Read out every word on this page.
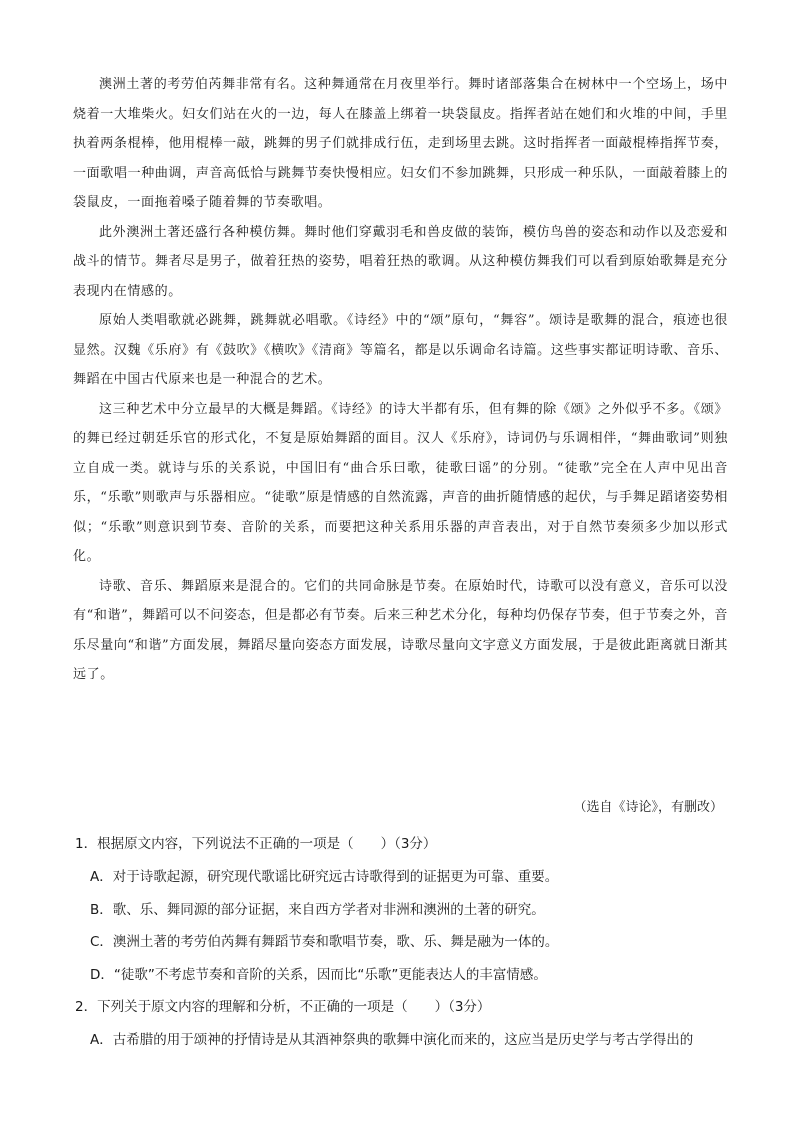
澳洲土著的考劳伯芮舞非常有名。这种舞通常在月夜里举行。舞时诸部落集合在树林中一个空场上，场中烧着一大堆柴火。妇女们站在火的一边，每人在膝盖上绑着一块袋鼠皮。指挥者站在她们和火堆的中间，手里执着两条棍棒，他用棍棒一敲，跳舞的男子们就排成行伍，走到场里去跳。这时指挥者一面敲棍棒指挥节奏，一面歌唱一种曲调，声音高低恰与跳舞节奏快慢相应。妇女们不参加跳舞，只形成一种乐队，一面敲着膝上的袋鼠皮，一面拖着嗓子随着舞的节奏歌唱。

此外澳洲土著还盛行各种模仿舞。舞时他们穿戴羽毛和兽皮做的装饰，模仿鸟兽的姿态和动作以及恋爱和战斗的情节。舞者尽是男子，做着狂热的姿势，唱着狂热的歌调。从这种模仿舞我们可以看到原始歌舞是充分表现内在情感的。

原始人类唱歌就必跳舞，跳舞就必唱歌。《诗经》中的“颂”原句，“舞容”。颂诗是歌舞的混合，痕迹也很显然。汉魏《乐府》有《鼓吹》《横吹》《清商》等篇名，都是以乐调命名诗篇。这些事实都证明诗歌、音乐、舞蹈在中国古代原来也是一种混合的艺术。

这三种艺术中分立最早的大概是舞蹈。《诗经》的诗大半都有乐，但有舞的除《颂》之外似乎不多。《颂》的舞已经过朝廷乐官的形式化，不复是原始舞蹈的面目。汉人《乐府》，诗词仍与乐调相伴，“舞曲歌词”则独立自成一类。就诗与乐的关系说，中国旧有“曲合乐曰歌，徒歌曰谣”的分别。“徒歌”完全在人声中见出音乐，“乐歌”则歌声与乐器相应。“徒歌”原是情感的自然流露，声音的曲折随情感的起伏，与手舞足蹈诸姿势相似；“乐歌”则意识到节奏、音阶的关系，而要把这种关系用乐器的声音表出，对于自然节奏须多少加以形式化。

诗歌、音乐、舞蹈原来是混合的。它们的共同命脉是节奏。在原始时代，诗歌可以没有意义，音乐可以没有“和谐”，舞蹈可以不问姿态，但是都必有节奏。后来三种艺术分化，每种均仍保存节奏，但于节奏之外，音乐尽量向“和谐”方面发展，舞蹈尽量向姿态方面发展，诗歌尽量向文字意义方面发展，于是彼此距离就日渐其远了。

（选自《诗论》，有删改）
1．根据原文内容，下列说法不正确的一项是（　　）（3分）
A．对于诗歌起源，研究现代歌谣比研究远古诗歌得到的证据更为可靠、重要。
B．歌、乐、舞同源的部分证据，来自西方学者对非洲和澳洲的土著的研究。
C．澳洲土著的考劳伯芮舞有舞蹈节奏和歌唱节奏，歌、乐、舞是融为一体的。
D．“徒歌”不考虑节奏和音阶的关系，因而比“乐歌”更能表达人的丰富情感。
2．下列关于原文内容的理解和分析，不正确的一项是（　　）（3分）
A．古希腊的用于颂神的抒情诗是从其酒神祭典的歌舞中演化而来的，这应当是历史学与考古学得出的
